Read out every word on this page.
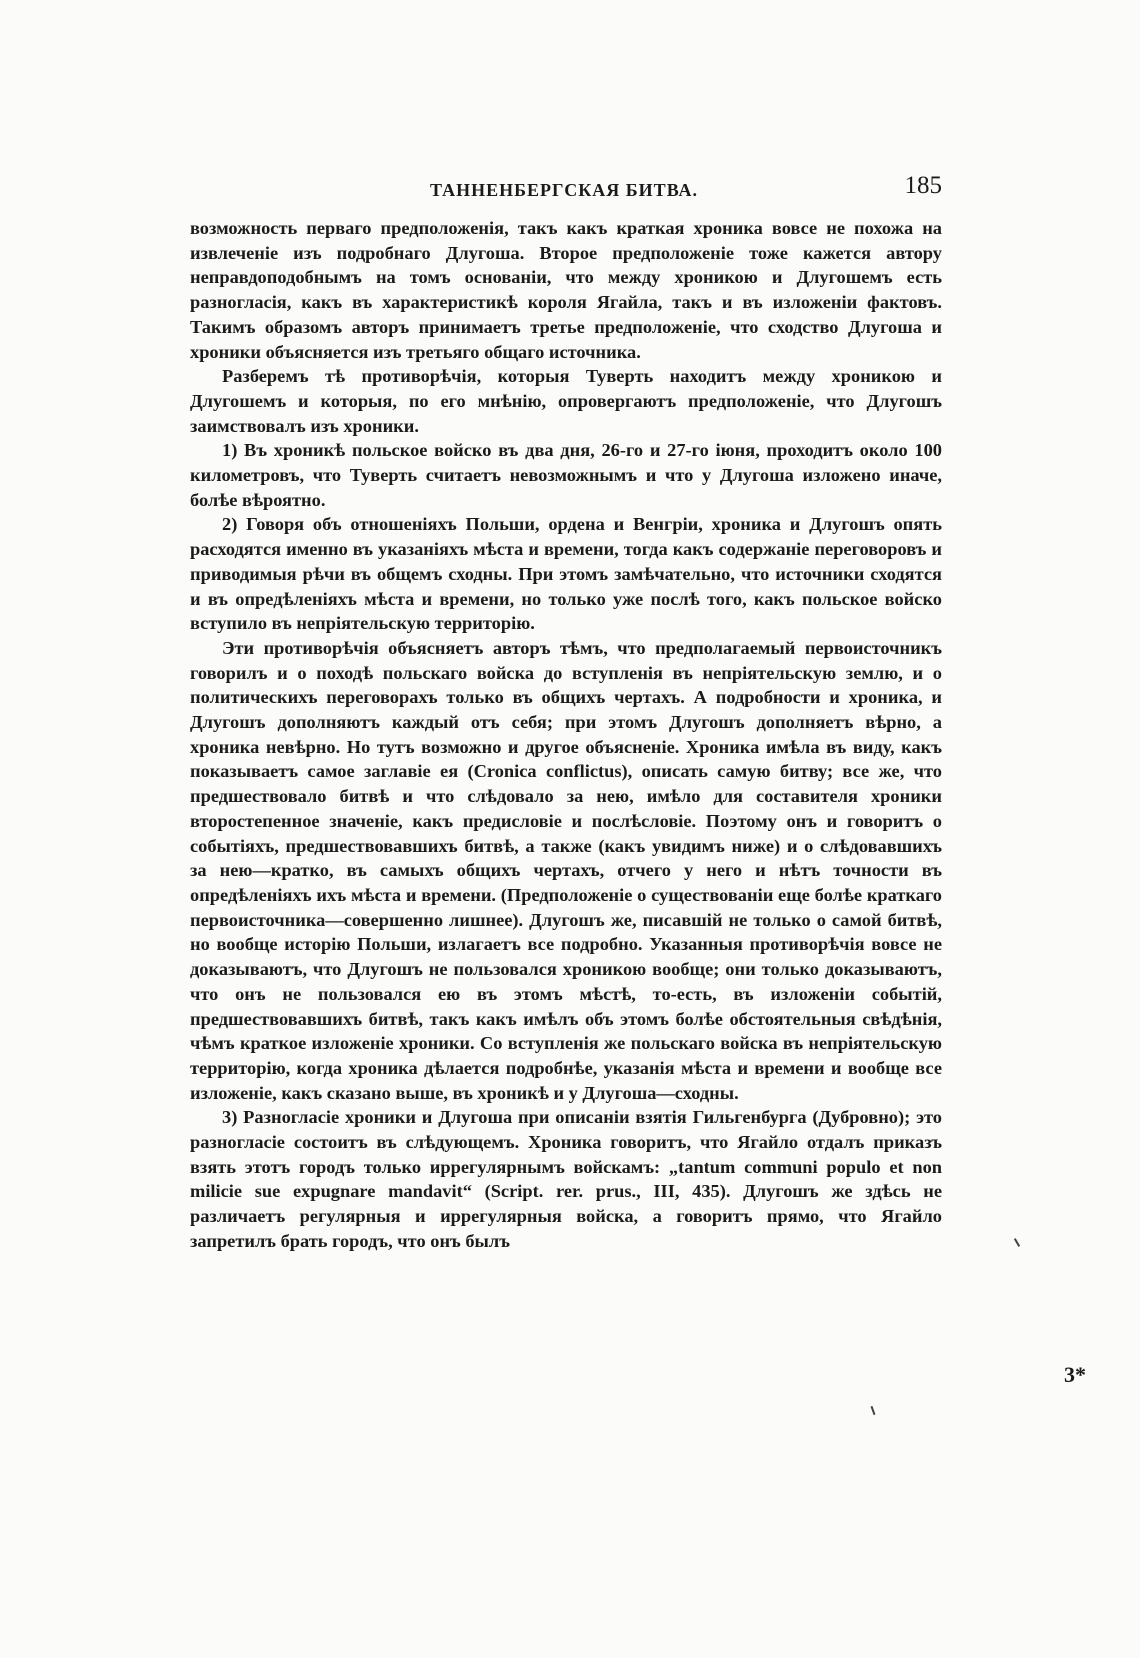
ТАННЕНБЕРГСКАЯ БИТВА.	185

возможность перваго предположенія, такъ какъ краткая хроника вовсе не похожа на извлеченіе изъ подробнаго Длугоша. Второе предположеніе тоже кажется автору неправдоподобнымъ на томъ основаніи, что между хроникою и Длугошемъ есть разногласія, какъ въ характеристикѣ короля Ягайла, такъ и въ изложеніи фактовъ. Такимъ образомъ авторъ принимаетъ третье предположеніе, что сходство Длугоша и хроники объясняется изъ третьяго общаго источника.

Разберемъ тѣ противорѣчія, которыя Туверть находитъ между хроникою и Длугошемъ и которыя, по его мнѣнію, опровергаютъ предположеніе, что Длугошъ заимствовалъ изъ хроники.

1) Въ хроникѣ польское войско въ два дня, 26-го и 27-го іюня, проходитъ около 100 километровъ, что Туверть считаетъ невозможнымъ и что у Длугоша изложено иначе, болѣе вѣроятно.

2) Говоря объ отношеніяхъ Польши, ордена и Венгріи, хроника и Длугошъ опять расходятся именно въ указаніяхъ мѣста и времени, тогда какъ содержаніе переговоровъ и приводимыя рѣчи въ общемъ сходны. При этомъ замѣчательно, что источники сходятся и въ опредѣленіяхъ мѣста и времени, но только уже послѣ того, какъ польское войско вступило въ непріятельскую территорію.

Эти противорѣчія объясняетъ авторъ тѣмъ, что предполагаемый первоисточникъ говорилъ и о походѣ польскаго войска до вступленія въ непріятельскую землю, и о политическихъ переговорахъ только въ общихъ чертахъ. А подробности и хроника, и Длугошъ дополняютъ каждый отъ себя; при этомъ Длугошъ дополняетъ вѣрно, а хроника невѣрно. Но тутъ возможно и другое объясненіе. Хроника имѣла въ виду, какъ показываетъ самое заглавіе ея (Cronica conflictus), описать самую битву; все же, что предшествовало битвѣ и что слѣдовало за нею, имѣло для составителя хроники второстепенное значеніе, какъ предисловіе и послѣсловіе. Поэтому онъ и говоритъ о событіяхъ, предшествовавшихъ битвѣ, а также (какъ увидимъ ниже) и о слѣдовавшихъ за нею—кратко, въ самыхъ общихъ чертахъ, отчего у него и нѣтъ точности въ опредѣленіяхъ ихъ мѣста и времени. (Предположеніе о существованіи еще болѣе краткаго первоисточника—совершенно лишнее). Длугошъ же, писавшій не только о самой битвѣ, но вообще исторію Польши, излагаетъ все подробно. Указанныя противорѣчія вовсе не доказываютъ, что Длугошъ не пользовался хроникою вообще; они только доказываютъ, что онъ не пользовался ею въ этомъ мѣстѣ, то-есть, въ изложеніи событій, предшествовавшихъ битвѣ, такъ какъ имѣлъ объ этомъ болѣе обстоятельныя свѣдѣнія, чѣмъ краткое изложеніе хроники. Со вступленія же польскаго войска въ непріятельскую территорію, когда хроника дѣлается подробнѣе, указанія мѣста и времени и вообще все изложеніе, какъ сказано выше, въ хроникѣ и у Длугоша—сходны.

3) Разногласіе хроники и Длугоша при описаніи взятія Гильгенбурга (Дубровно); это разногласіе состоитъ въ слѣдующемъ. Хроника говоритъ, что Ягайло отдалъ приказъ взять этотъ городъ только иррегулярнымъ войскамъ: „tantum communi populo et non milicie sue expugnare mandavit“ (Script. rer. prus., III, 435). Длугошъ же здѣсь не различаетъ регулярныя и иррегулярныя войска, а говоритъ прямо, что Ягайло запретилъ брать городъ, что онъ былъ

3*
